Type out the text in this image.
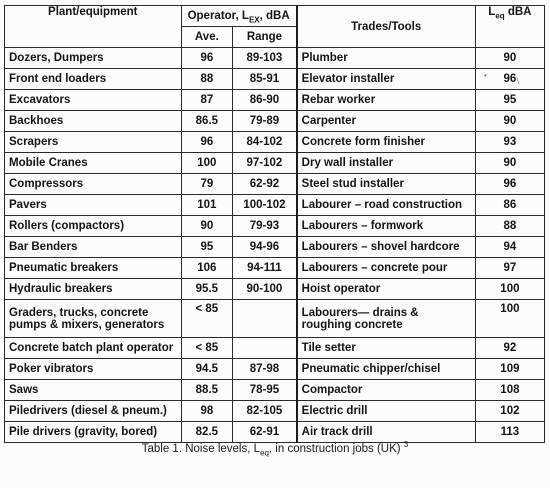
Plant/equipment	Operator, $L_{EX}$, dBA		Trades/Tools	$L_{eq}$ dBA
	Ave.	Range		
Dozers, Dumpers	96	89-103	Plumber	90
Front end loaders	88	85-91	Elevator installer	96
Excavators	87	86-90	Rebar worker	95
Backhoes	86.5	79-89	Carpenter	90
Scrapers	96	84-102	Concrete form finisher	93
Mobile Cranes	100	97-102	Dry wall installer	90
Compressors	79	62-92	Steel stud installer	96
Pavers	101	100-102	Labourer – road construction	86
Rollers (compactors)	90	79-93	Labourers – formwork	88
Bar Benders	95	94-96	Labourers – shovel hardcore	94
Pneumatic breakers	106	94-111	Labourers – concrete pour	97
Hydraulic breakers	95.5	90-100	Hoist operator	100
Graders, trucks, concrete pumps & mixers, generators	< 85		Labourers— drains & roughing concrete	100
Concrete batch plant operator	< 85		Tile setter	92
Poker vibrators	94.5	87-98	Pneumatic chipper/chisel	109
Saws	88.5	78-95	Compactor	108
Piledrivers (diesel & pneum.)	98	82-105	Electric drill	102
Pile drivers (gravity, bored)	82.5	62-91	Air track drill	113
•
∖
Table 1. Noise levels, $L_{eq}$, in construction jobs (UK) $^3$
